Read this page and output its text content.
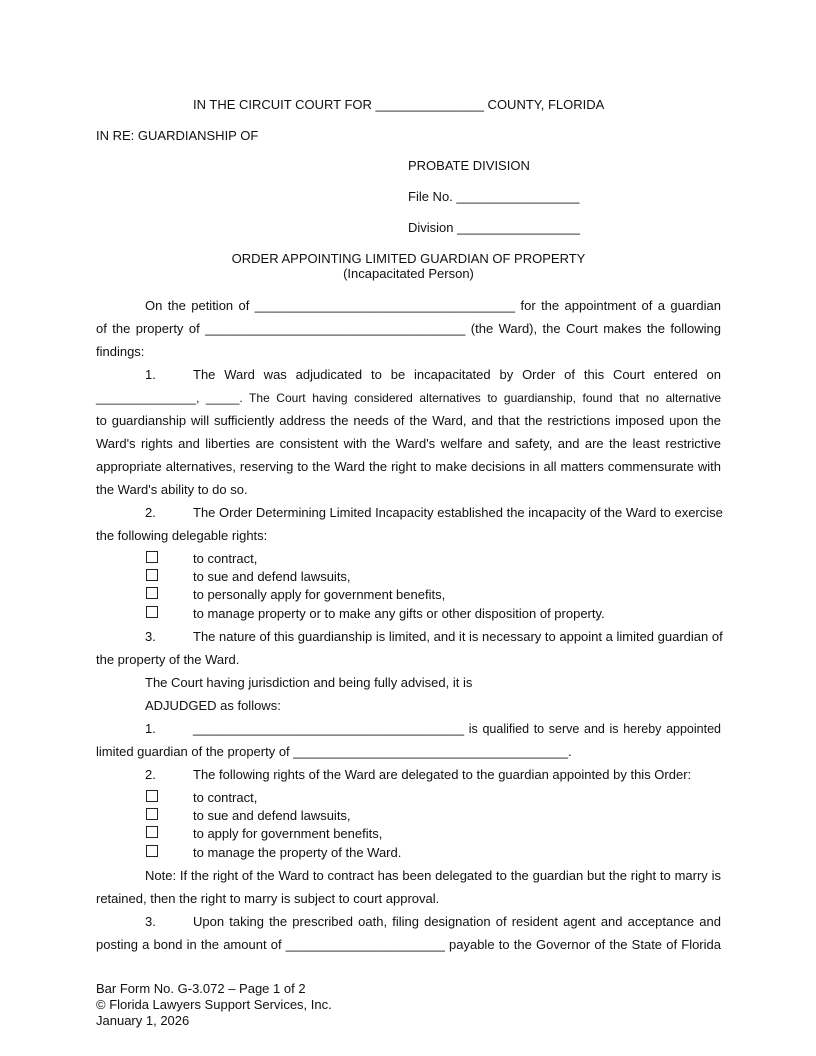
IN THE CIRCUIT COURT FOR _______________ COUNTY, FLORIDA
IN RE: GUARDIANSHIP OF
PROBATE DIVISION
File No. _________________
Division _________________
ORDER APPOINTING LIMITED GUARDIAN OF PROPERTY
(Incapacitated Person)
On the petition of ____________________________________ for the appointment of a guardian
of the property of ____________________________________ (the Ward), the Court makes the following
findings:
1.	The Ward was adjudicated to be incapacitated by Order of this Court entered on
_______________, _____. The Court having considered alternatives to guardianship, found that no alternative
to guardianship will sufficiently address the needs of the Ward, and that the restrictions imposed upon the
Ward's rights and liberties are consistent with the Ward's welfare and safety, and are the least restrictive
appropriate alternatives, reserving to the Ward the right to make decisions in all matters commensurate with
the Ward's ability to do so.
2.	The Order Determining Limited Incapacity established the incapacity of the Ward to exercise
the following delegable rights:
to contract,
to sue and defend lawsuits,
to personally apply for government benefits,
to manage property or to make any gifts or other disposition of property.
3.	The nature of this guardianship is limited, and it is necessary to appoint a limited guardian of
the property of the Ward.
The Court having jurisdiction and being fully advised, it is
ADJUDGED as follows:
1.	_______________________________________ is qualified to serve and is hereby appointed
limited guardian of the property of ______________________________________.
2.	The following rights of the Ward are delegated to the guardian appointed by this Order:
to contract,
to sue and defend lawsuits,
to apply for government benefits,
to manage the property of the Ward.
Note: If the right of the Ward to contract has been delegated to the guardian but the right to marry is
retained, then the right to marry is subject to court approval.
3.	Upon taking the prescribed oath, filing designation of resident agent and acceptance and
posting a bond in the amount of ______________________ payable to the Governor of the State of Florida
Bar Form No. G-3.072 – Page 1 of 2
© Florida Lawyers Support Services, Inc.
January 1, 2026
